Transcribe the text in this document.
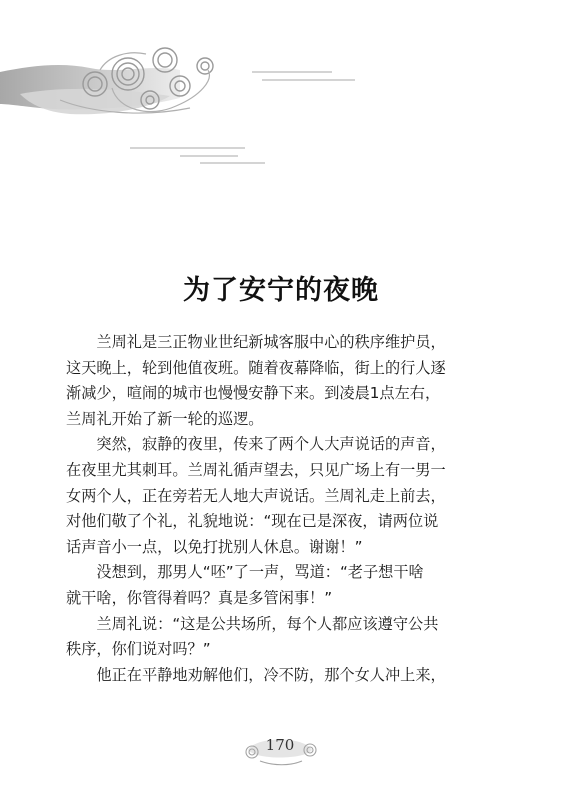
为了安宁的夜晚

兰周礼是三正物业世纪新城客服中心的秩序维护员，
这天晚上，轮到他值夜班。随着夜幕降临，街上的行人逐
渐减少，喧闹的城市也慢慢安静下来。到凌晨1点左右，
兰周礼开始了新一轮的巡逻。

突然，寂静的夜里，传来了两个人大声说话的声音，
在夜里尤其刺耳。兰周礼循声望去，只见广场上有一男一
女两个人，正在旁若无人地大声说话。兰周礼走上前去，
对他们敬了个礼，礼貌地说：“现在已是深夜，请两位说
话声音小一点，以免打扰别人休息。谢谢！”

没想到，那男人“呸”了一声，骂道：“老子想干啥
就干啥，你管得着吗？真是多管闲事！”

兰周礼说：“这是公共场所，每个人都应该遵守公共
秩序，你们说对吗？”

他正在平静地劝解他们，冷不防，那个女人冲上来，

170
